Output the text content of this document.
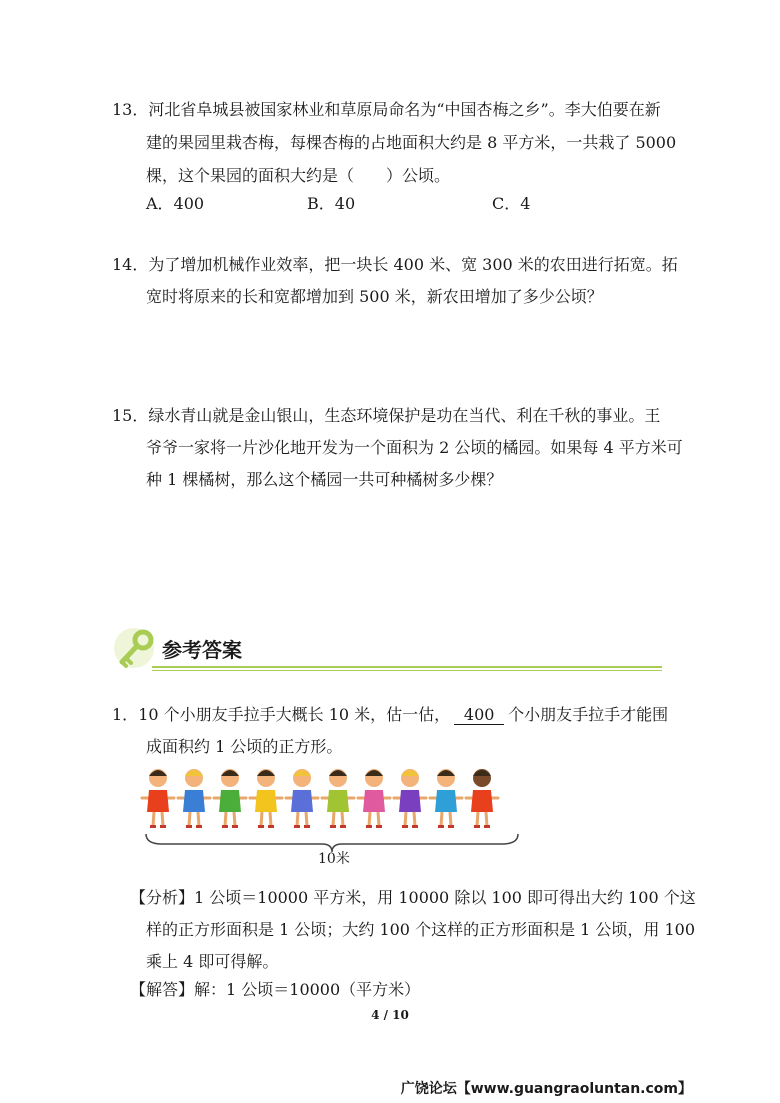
13．河北省阜城县被国家林业和草原局命名为“中国杏梅之乡”。李大伯要在新
建的果园里栽杏梅，每棵杏梅的占地面积大约是 8 平方米，一共栽了 5000
棵，这个果园的面积大约是（　　）公顷。
A．400	B．40	C．4
14．为了增加机械作业效率，把一块长 400 米、宽 300 米的农田进行拓宽。拓
宽时将原来的长和宽都增加到 500 米，新农田增加了多少公顷？
15．绿水青山就是金山银山，生态环境保护是功在当代、利在千秋的事业。王
爷爷一家将一片沙化地开发为一个面积为 2 公顷的橘园。如果每 4 平方米可
种 1 棵橘树，那么这个橘园一共可种橘树多少棵？
参考答案
1．10 个小朋友手拉手大概长 10 米，估一估， 400 个小朋友手拉手才能围
成面积约 1 公顷的正方形。
10米
【分析】1 公顷＝10000 平方米，用 10000 除以 100 即可得出大约 100 个这
样的正方形面积是 1 公顷；大约 100 个这样的正方形面积是 1 公顷，用 100
乘上 4 即可得解。
【解答】解：1 公顷＝10000（平方米）
4 / 10
广饶论坛【www.guangraoluntan.com】
